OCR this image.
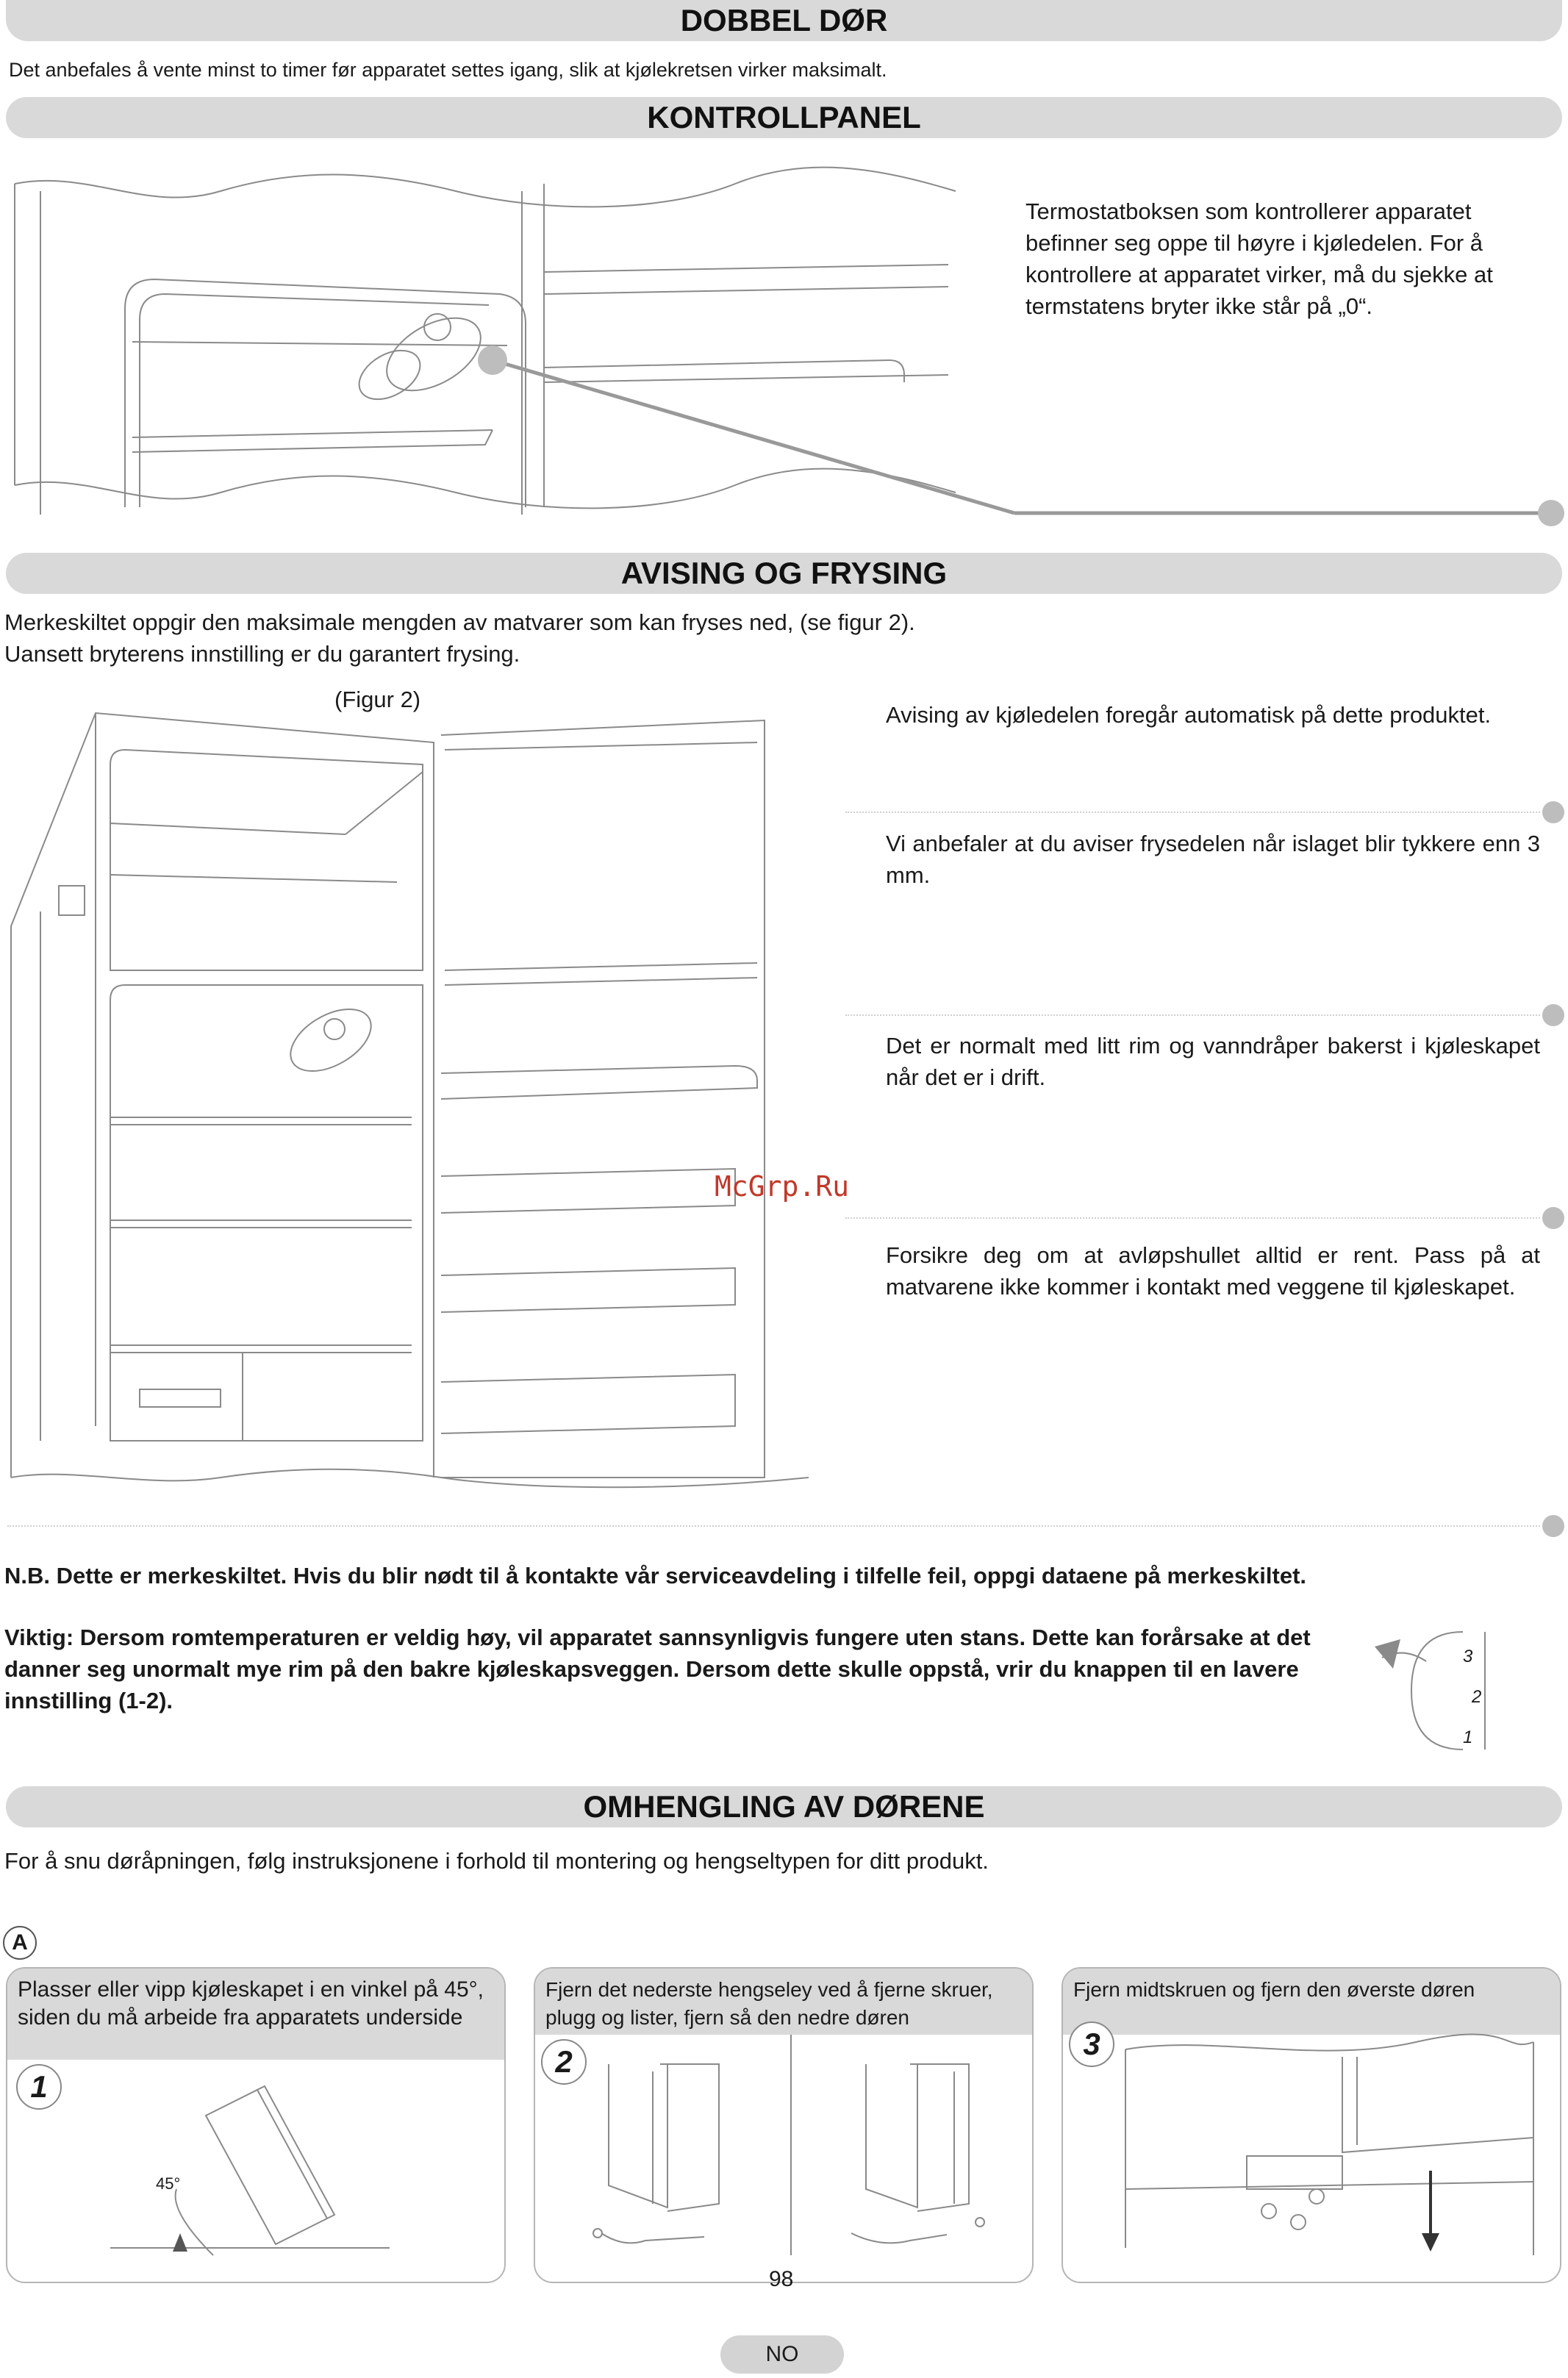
DOBBEL DØR
Det anbefales å vente minst to timer før apparatet settes igang, slik at kjølekretsen virker maksimalt.
KONTROLLPANEL
Termostatboksen som kontrollerer apparatet befinner seg oppe til høyre i kjøledelen. For å kontrollere at apparatet virker, må du sjekke at termstatens bryter ikke står på „0“.
AVISING OG FRYSING
Merkeskiltet oppgir den maksimale mengden av matvarer som kan fryses ned, (se figur 2).
Uansett bryterens innstilling er du garantert frysing.
(Figur 2)
Avising av kjøledelen foregår automatisk på dette produktet.
Vi anbefaler at du aviser frysedelen når islaget blir tykkere enn 3 mm.
Det er normalt med litt rim og vanndråper bakerst i kjøleskapet når det er i drift.
Forsikre deg om at avløpshullet alltid er rent. Pass på at matvarene ikke kommer i kontakt med veggene til kjøleskapet.
McGrp.Ru
N.B. Dette er merkeskiltet. Hvis du blir nødt til å kontakte vår serviceavdeling i tilfelle feil, oppgi dataene på merkeskiltet.
Viktig: Dersom romtemperaturen er veldig høy, vil apparatet sannsynligvis fungere uten stans. Dette kan forårsake at det danner seg unormalt mye rim på den bakre kjøleskapsveggen. Dersom dette skulle oppstå, vrir du knappen til en lavere innstilling (1-2).
3
2
1
OMHENGLING AV DØRENE
For å snu døråpningen, følg instruksjonene i forhold til montering og hengseltypen for ditt produkt.
A
Plasser eller vipp kjøleskapet i en vinkel på 45°, siden du må arbeide fra apparatets underside
1
45°
Fjern det nederste hengseley ved å fjerne skruer, plugg og lister, fjern så den nedre døren
2
Fjern midtskruen og fjern den øverste døren
3
98
NO
